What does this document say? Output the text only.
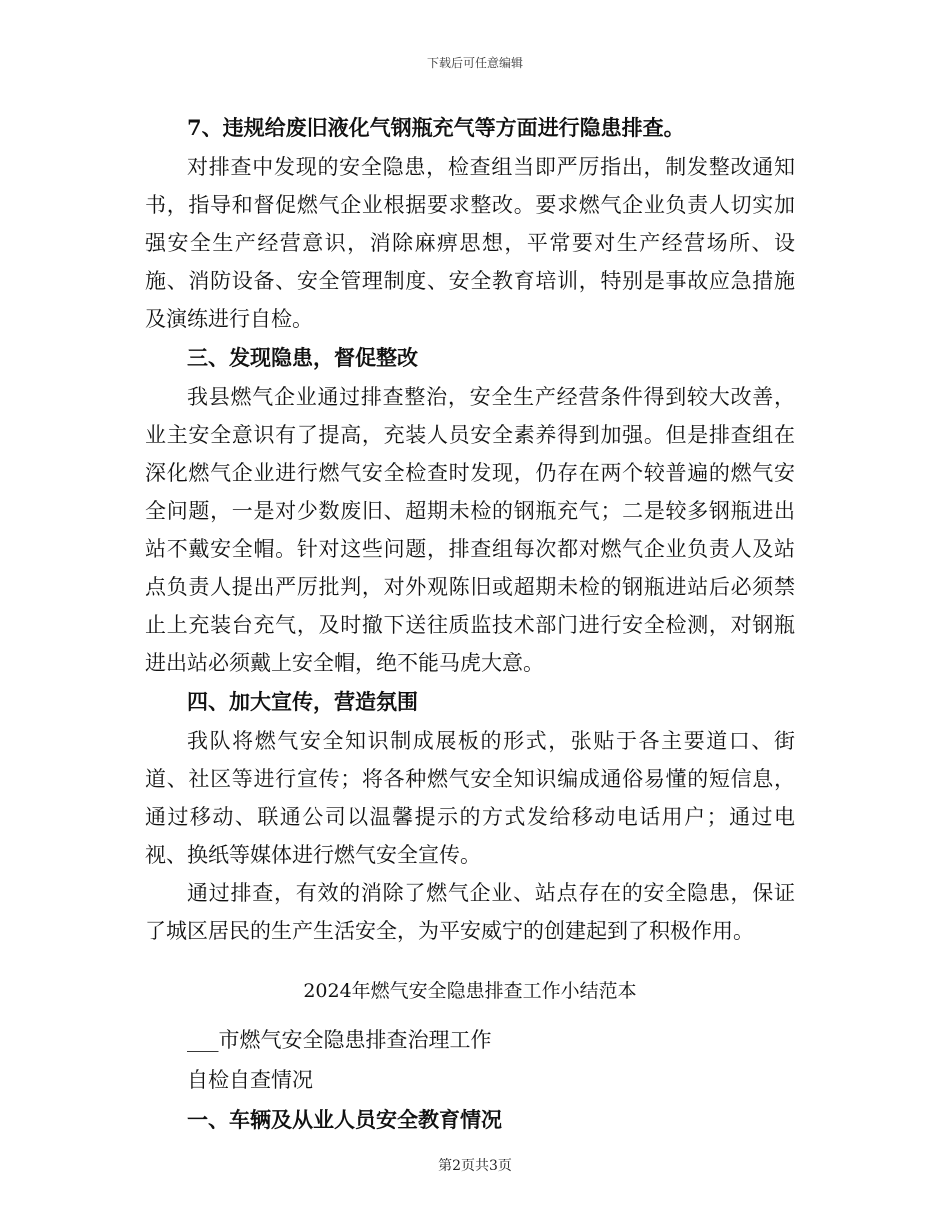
下载后可任意编辑

7、违规给废旧液化气钢瓶充气等方面进行隐患排查。

对排查中发现的安全隐患，检查组当即严厉指出，制发整改通知书，指导和督促燃气企业根据要求整改。要求燃气企业负责人切实加强安全生产经营意识，消除麻痹思想，平常要对生产经营场所、设施、消防设备、安全管理制度、安全教育培训，特别是事故应急措施及演练进行自检。

三、发现隐患，督促整改

我县燃气企业通过排查整治，安全生产经营条件得到较大改善，业主安全意识有了提高，充装人员安全素养得到加强。但是排查组在深化燃气企业进行燃气安全检查时发现，仍存在两个较普遍的燃气安全问题，一是对少数废旧、超期未检的钢瓶充气；二是较多钢瓶进出站不戴安全帽。针对这些问题，排查组每次都对燃气企业负责人及站点负责人提出严厉批判，对外观陈旧或超期未检的钢瓶进站后必须禁止上充装台充气，及时撤下送往质监技术部门进行安全检测，对钢瓶进出站必须戴上安全帽，绝不能马虎大意。

四、加大宣传，营造氛围

我队将燃气安全知识制成展板的形式，张贴于各主要道口、街道、社区等进行宣传；将各种燃气安全知识编成通俗易懂的短信息，通过移动、联通公司以温馨提示的方式发给移动电话用户；通过电视、换纸等媒体进行燃气安全宣传。

通过排查，有效的消除了燃气企业、站点存在的安全隐患，保证了城区居民的生产生活安全，为平安威宁的创建起到了积极作用。

2024年燃气安全隐患排查工作小结范本

___市燃气安全隐患排查治理工作

自检自查情况

一、车辆及从业人员安全教育情况

第2页共3页
